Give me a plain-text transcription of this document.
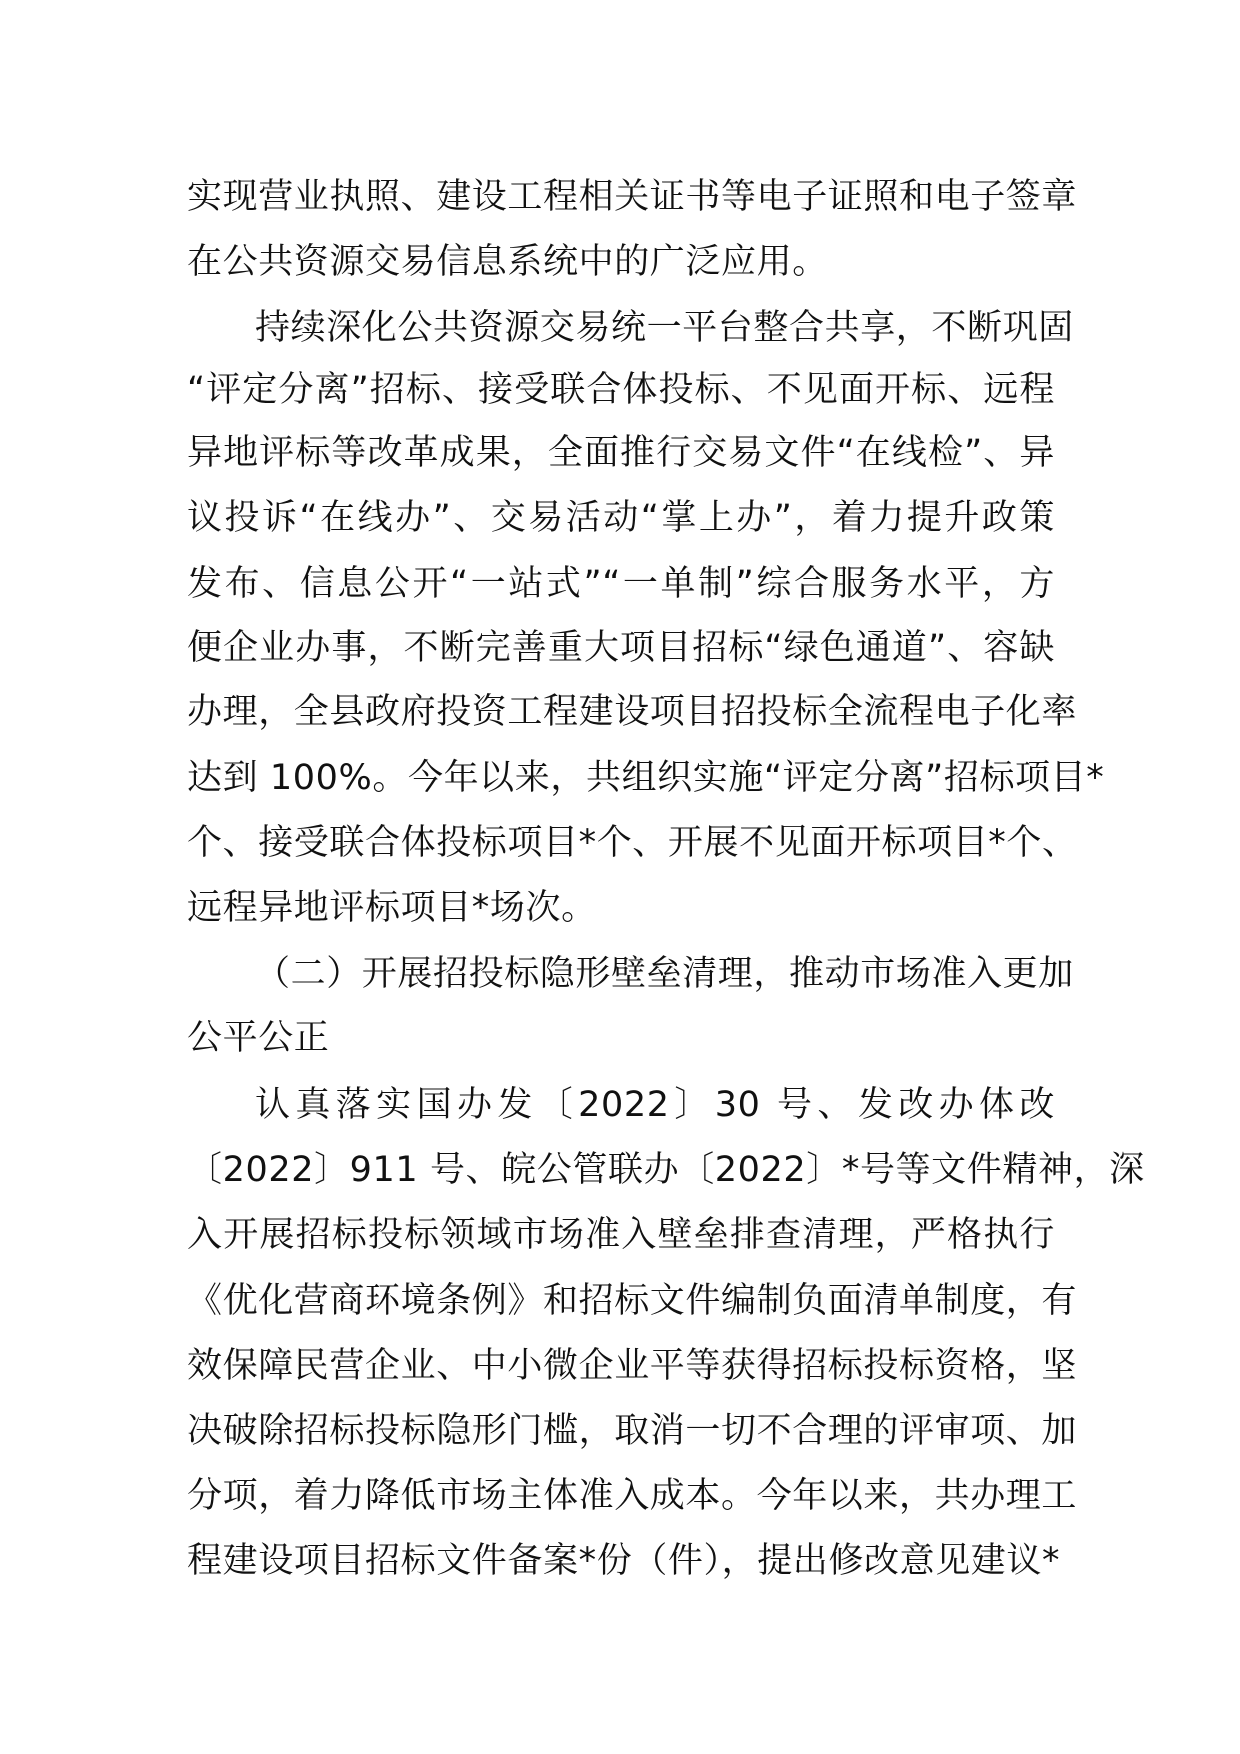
实现营业执照、建设工程相关证书等电子证照和电子签章
在公共资源交易信息系统中的广泛应用。
持续深化公共资源交易统一平台整合共享，不断巩固
“评定分离”招标、接受联合体投标、不见面开标、远程
异地评标等改革成果，全面推行交易文件“在线检”、异
议投诉“在线办”、交易活动“掌上办”，着力提升政策
发布、信息公开“一站式”“一单制”综合服务水平，方
便企业办事，不断完善重大项目招标“绿色通道”、容缺
办理，全县政府投资工程建设项目招投标全流程电子化率
达到 100%。今年以来，共组织实施“评定分离”招标项目*
个、接受联合体投标项目*个、开展不见面开标项目*个、
远程异地评标项目*场次。
（二）开展招投标隐形壁垒清理，推动市场准入更加
公平公正
认真落实国办发〔2022〕30 号、发改办体改
〔2022〕911 号、皖公管联办〔2022〕*号等文件精神，深
入开展招标投标领域市场准入壁垒排查清理，严格执行
《优化营商环境条例》和招标文件编制负面清单制度，有
效保障民营企业、中小微企业平等获得招标投标资格，坚
决破除招标投标隐形门槛，取消一切不合理的评审项、加
分项，着力降低市场主体准入成本。今年以来，共办理工
程建设项目招标文件备案*份（件），提出修改意见建议*
